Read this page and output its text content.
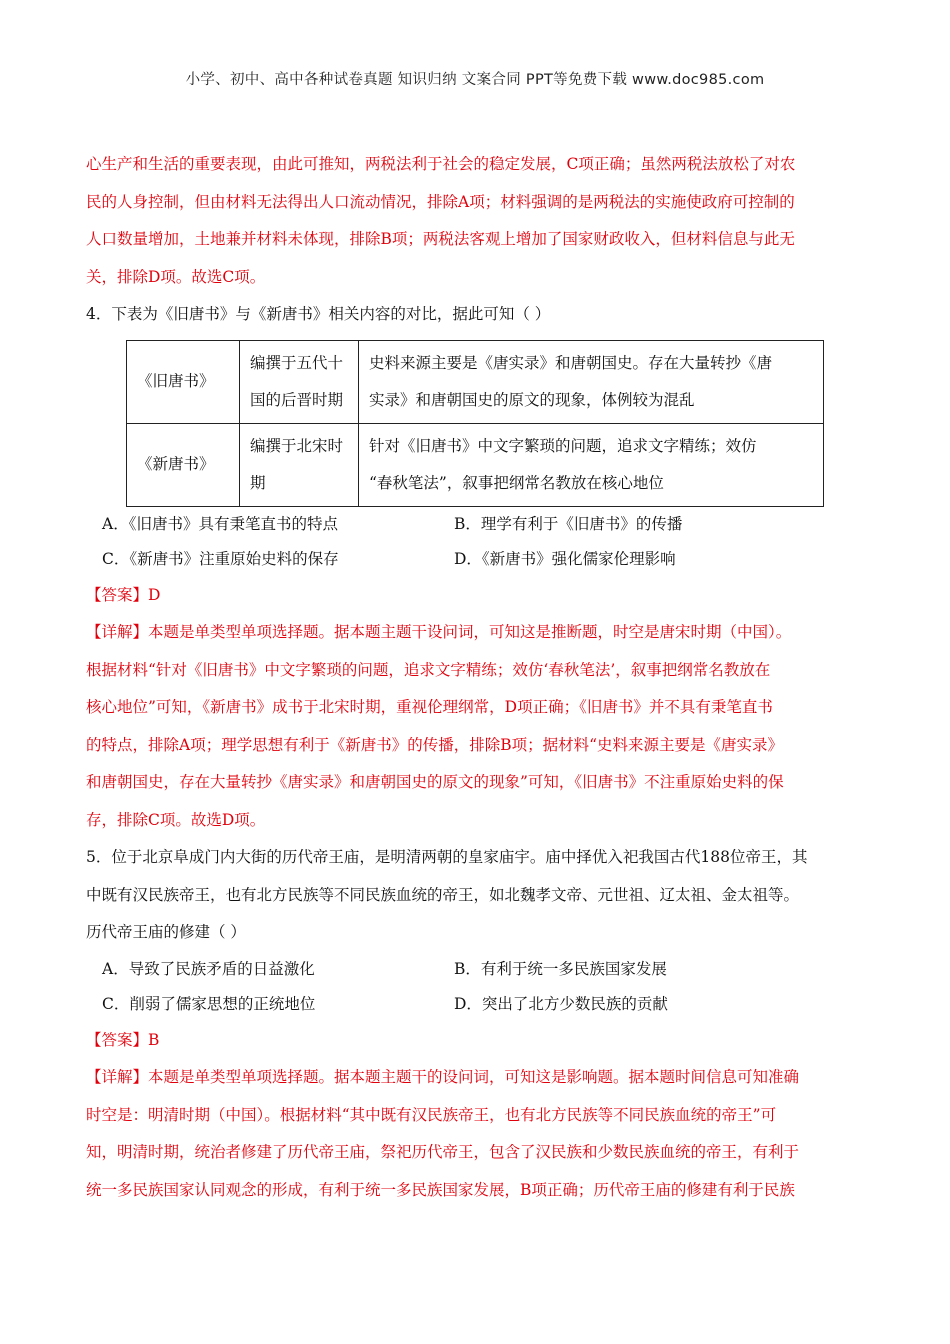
小学、初中、高中各种试卷真题 知识归纳 文案合同 PPT等免费下载 www.doc985.com

心生产和生活的重要表现，由此可推知，两税法利于社会的稳定发展，C项正确；虽然两税法放松了对农

民的人身控制，但由材料无法得出人口流动情况，排除A项；材料强调的是两税法的实施使政府可控制的

人口数量增加，土地兼并材料未体现，排除B项；两税法客观上增加了国家财政收入，但材料信息与此无

关，排除D项。故选C项。

4．下表为《旧唐书》与《新唐书》相关内容的对比，据此可知（ ）

《旧唐书》	编撰于五代十
国的后晋时期	史料来源主要是《唐实录》和唐朝国史。存在大量转抄《唐
实录》和唐朝国史的原文的现象，体例较为混乱
《新唐书》	编撰于北宋时
期	针对《旧唐书》中文字繁琐的问题，追求文字精练；效仿
“春秋笔法”，叙事把纲常名教放在核心地位
A．《旧唐书》具有秉笔直书的特点	B．理学有利于《旧唐书》的传播
C．《新唐书》注重原始史料的保存	D．《新唐书》强化儒家伦理影响

【答案】D

【详解】本题是单类型单项选择题。据本题主题干设问词，可知这是推断题，时空是唐宋时期（中国）。

根据材料“针对《旧唐书》中文字繁琐的问题，追求文字精练；效仿‘春秋笔法’，叙事把纲常名教放在

核心地位”可知，《新唐书》成书于北宋时期，重视伦理纲常，D项正确；《旧唐书》并不具有秉笔直书

的特点，排除A项；理学思想有利于《新唐书》的传播，排除B项；据材料“史料来源主要是《唐实录》

和唐朝国史，存在大量转抄《唐实录》和唐朝国史的原文的现象”可知，《旧唐书》不注重原始史料的保

存，排除C项。故选D项。

5．位于北京阜成门内大街的历代帝王庙，是明清两朝的皇家庙宇。庙中择优入祀我国古代188位帝王，其

中既有汉民族帝王，也有北方民族等不同民族血统的帝王，如北魏孝文帝、元世祖、辽太祖、金太祖等。

历代帝王庙的修建（ ）

A．导致了民族矛盾的日益激化	B．有利于统一多民族国家发展
C．削弱了儒家思想的正统地位	D．突出了北方少数民族的贡献

【答案】B

【详解】本题是单类型单项选择题。据本题主题干的设问词，可知这是影响题。据本题时间信息可知准确

时空是：明清时期（中国）。根据材料“其中既有汉民族帝王，也有北方民族等不同民族血统的帝王”可

知，明清时期，统治者修建了历代帝王庙，祭祀历代帝王，包含了汉民族和少数民族血统的帝王，有利于

统一多民族国家认同观念的形成，有利于统一多民族国家发展，B项正确；历代帝王庙的修建有利于民族
